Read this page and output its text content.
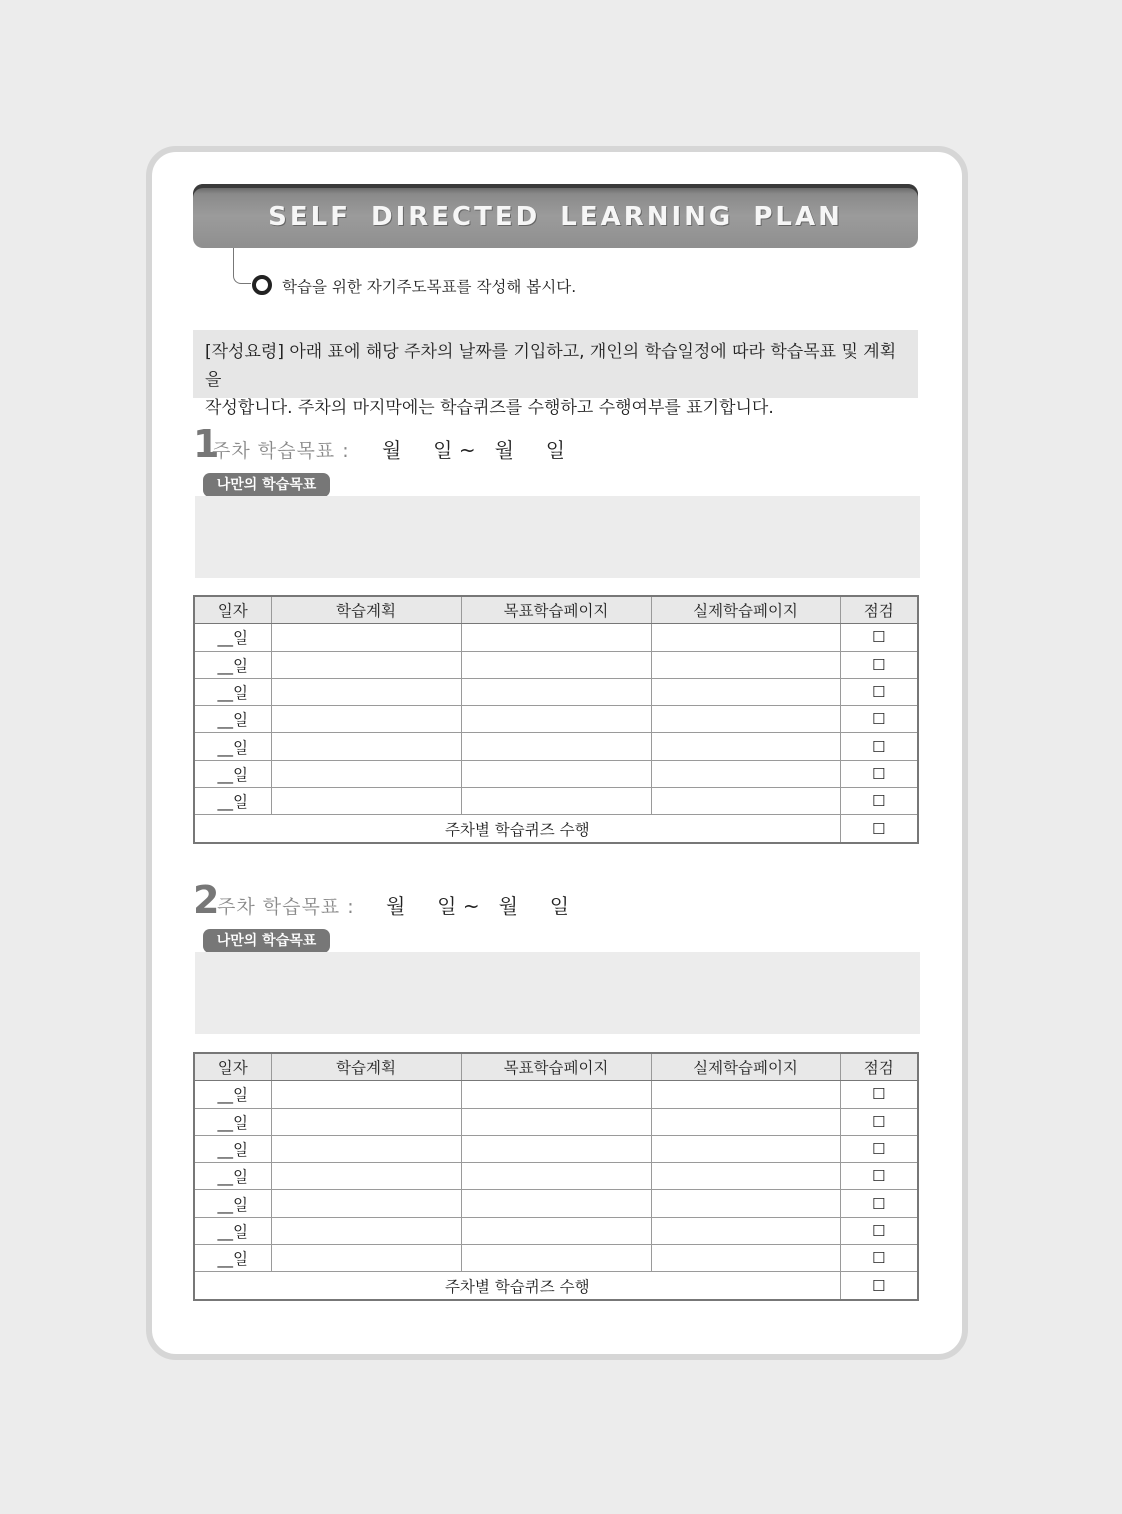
SELF DIRECTED LEARNING PLAN
학습을 위한 자기주도목표를 작성해 봅시다.
[작성요령] 아래 표에 해당 주차의 날짜를 기입하고, 개인의 학습일정에 따라 학습목표 및 계획을
작성합니다. 주차의 마지막에는 학습퀴즈를 수행하고 수행여부를 표기합니다.
1
주차 학습목표 : 월 일 ~ 월 일
나만의 학습목표
일자	학습계획	목표학습페이지	실제학습페이지	점검
__일				☐
__일				☐
__일				☐
__일				☐
__일				☐
__일				☐
__일				☐
주차별 학습퀴즈 수행				☐
2
주차 학습목표 : 월 일 ~ 월 일
나만의 학습목표
일자	학습계획	목표학습페이지	실제학습페이지	점검
__일				☐
__일				☐
__일				☐
__일				☐
__일				☐
__일				☐
__일				☐
주차별 학습퀴즈 수행				☐
